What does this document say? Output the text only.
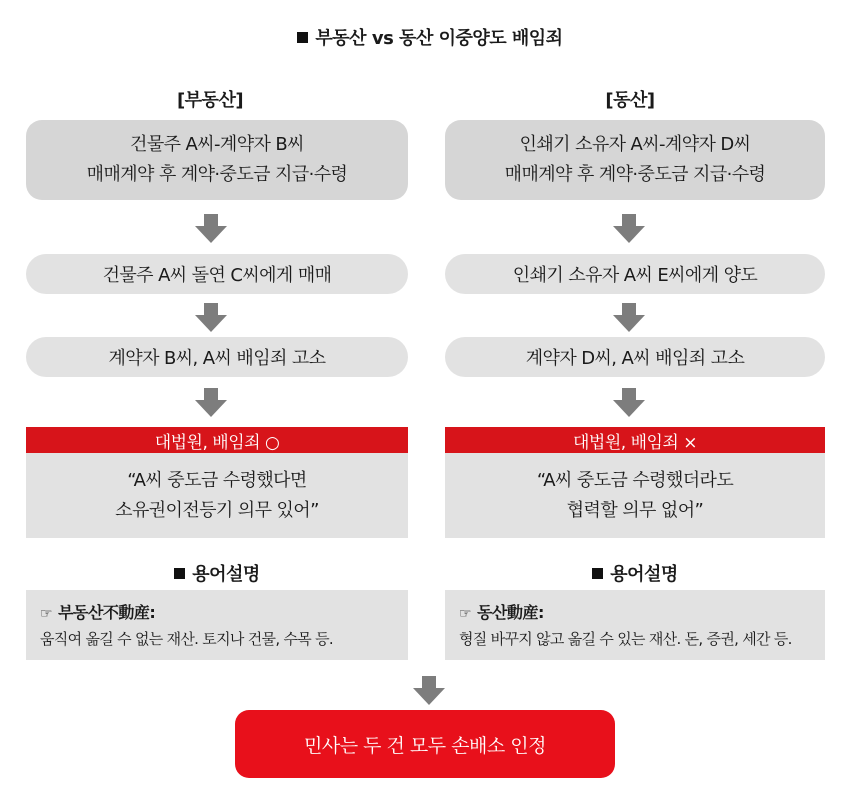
부동산 vs 동산 이중양도 배임죄
[부동산]
건물주 A씨-계약자 B씨
매매계약 후 계약·중도금 지급·수령
건물주 A씨 돌연 C씨에게 매매
계약자 B씨, A씨 배임죄 고소
대법원, 배임죄 ○
“A씨 중도금 수령했다면
소유권이전등기 의무 있어”
용어설명
☞ 부동산不動産:
움직여 옮길 수 없는 재산. 토지나 건물, 수목 등.
[동산]
인쇄기 소유자 A씨-계약자 D씨
매매계약 후 계약·중도금 지급·수령
인쇄기 소유자 A씨 E씨에게 양도
계약자 D씨, A씨 배임죄 고소
대법원, 배임죄 ×
“A씨 중도금 수령했더라도
협력할 의무 없어”
용어설명
☞ 동산動産:
형질 바꾸지 않고 옮길 수 있는 재산. 돈, 증권, 세간 등.
민사는 두 건 모두 손배소 인정
